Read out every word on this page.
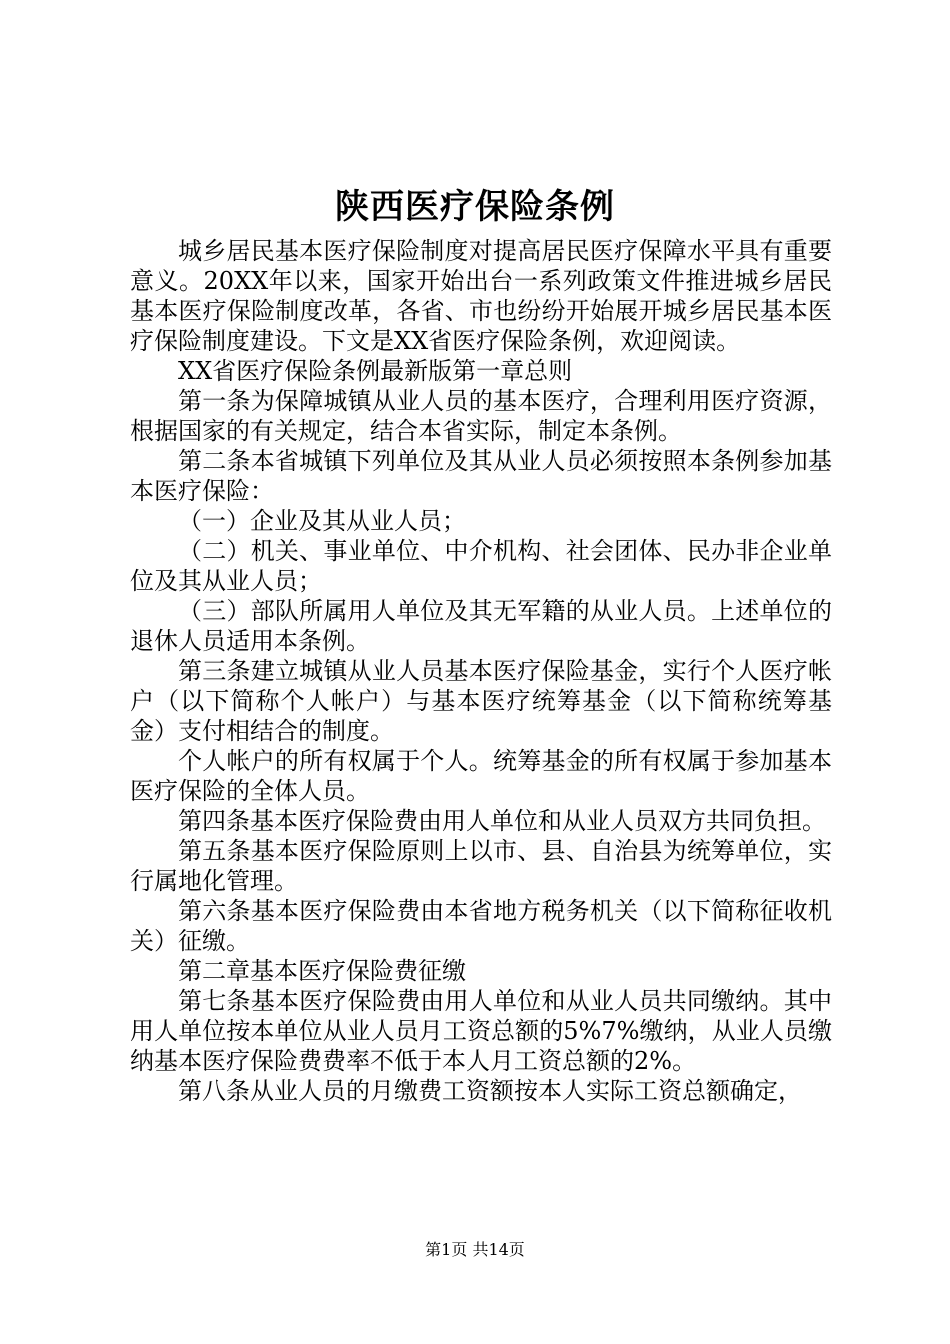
陕西医疗保险条例

城乡居民基本医疗保险制度对提高居民医疗保障水平具有重要意义。20XX年以来，国家开始出台一系列政策文件推进城乡居民基本医疗保险制度改革，各省、市也纷纷开始展开城乡居民基本医疗保险制度建设。下文是XX省医疗保险条例，欢迎阅读。

XX省医疗保险条例最新版第一章总则

第一条为保障城镇从业人员的基本医疗，合理利用医疗资源，根据国家的有关规定，结合本省实际，制定本条例。

第二条本省城镇下列单位及其从业人员必须按照本条例参加基本医疗保险：

（一）企业及其从业人员；

（二）机关、事业单位、中介机构、社会团体、民办非企业单位及其从业人员；

（三）部队所属用人单位及其无军籍的从业人员。上述单位的退休人员适用本条例。

第三条建立城镇从业人员基本医疗保险基金，实行个人医疗帐户（以下简称个人帐户）与基本医疗统筹基金（以下简称统筹基金）支付相结合的制度。

个人帐户的所有权属于个人。统筹基金的所有权属于参加基本医疗保险的全体人员。

第四条基本医疗保险费由用人单位和从业人员双方共同负担。

第五条基本医疗保险原则上以市、县、自治县为统筹单位，实行属地化管理。

第六条基本医疗保险费由本省地方税务机关（以下简称征收机关）征缴。

第二章基本医疗保险费征缴

第七条基本医疗保险费由用人单位和从业人员共同缴纳。其中用人单位按本单位从业人员月工资总额的5%7%缴纳，从业人员缴纳基本医疗保险费费率不低于本人月工资总额的2%。

第八条从业人员的月缴费工资额按本人实际工资总额确定，

第1页 共14页
